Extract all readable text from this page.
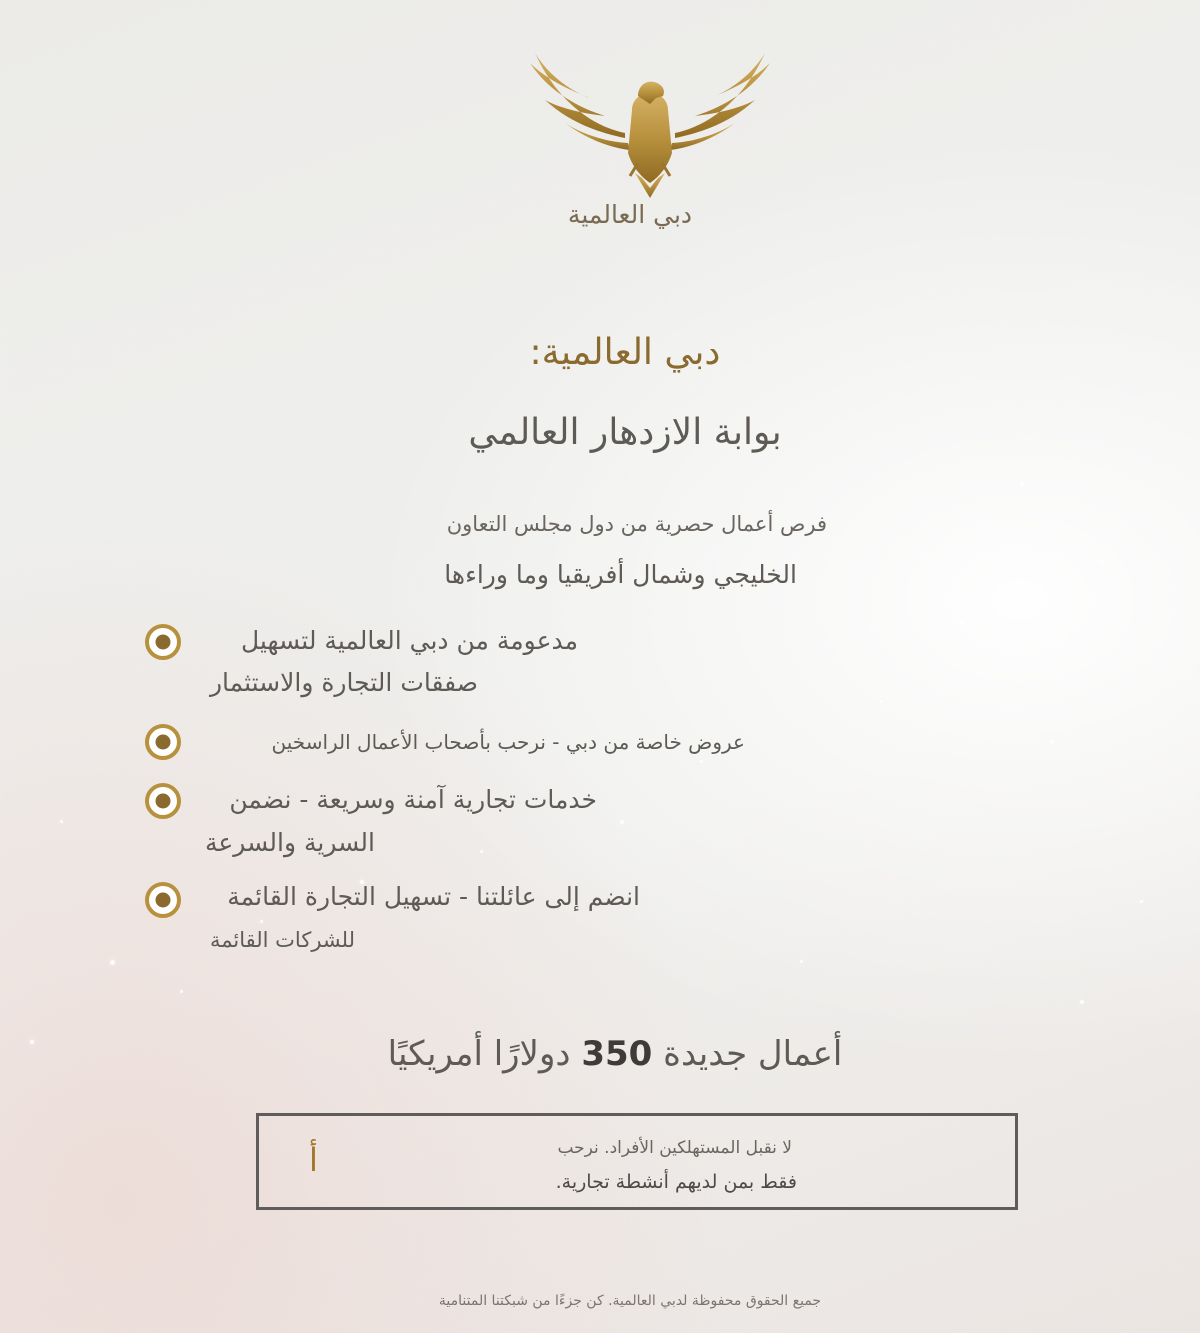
دبي العالمية
دبي العالمية:
بوابة الازدهار العالمي
فرص أعمال حصرية من دول مجلس التعاون
الخليجي وشمال أفريقيا وما وراءها
مدعومة من دبي العالمية لتسهيل
صفقات التجارة والاستثمار
عروض خاصة من دبي - نرحب بأصحاب الأعمال الراسخين
خدمات تجارية آمنة وسريعة - نضمن
السرية والسرعة
انضم إلى عائلتنا - تسهيل التجارة القائمة
للشركات القائمة
أعمال جديدة 350 دولارًا أمريكيًا
لا نقبل المستهلكين الأفراد. نرحب
فقط بمن لديهم أنشطة تجارية.
أ
جميع الحقوق محفوظة لدبي العالمية. كن جزءًا من شبكتنا المتنامية
